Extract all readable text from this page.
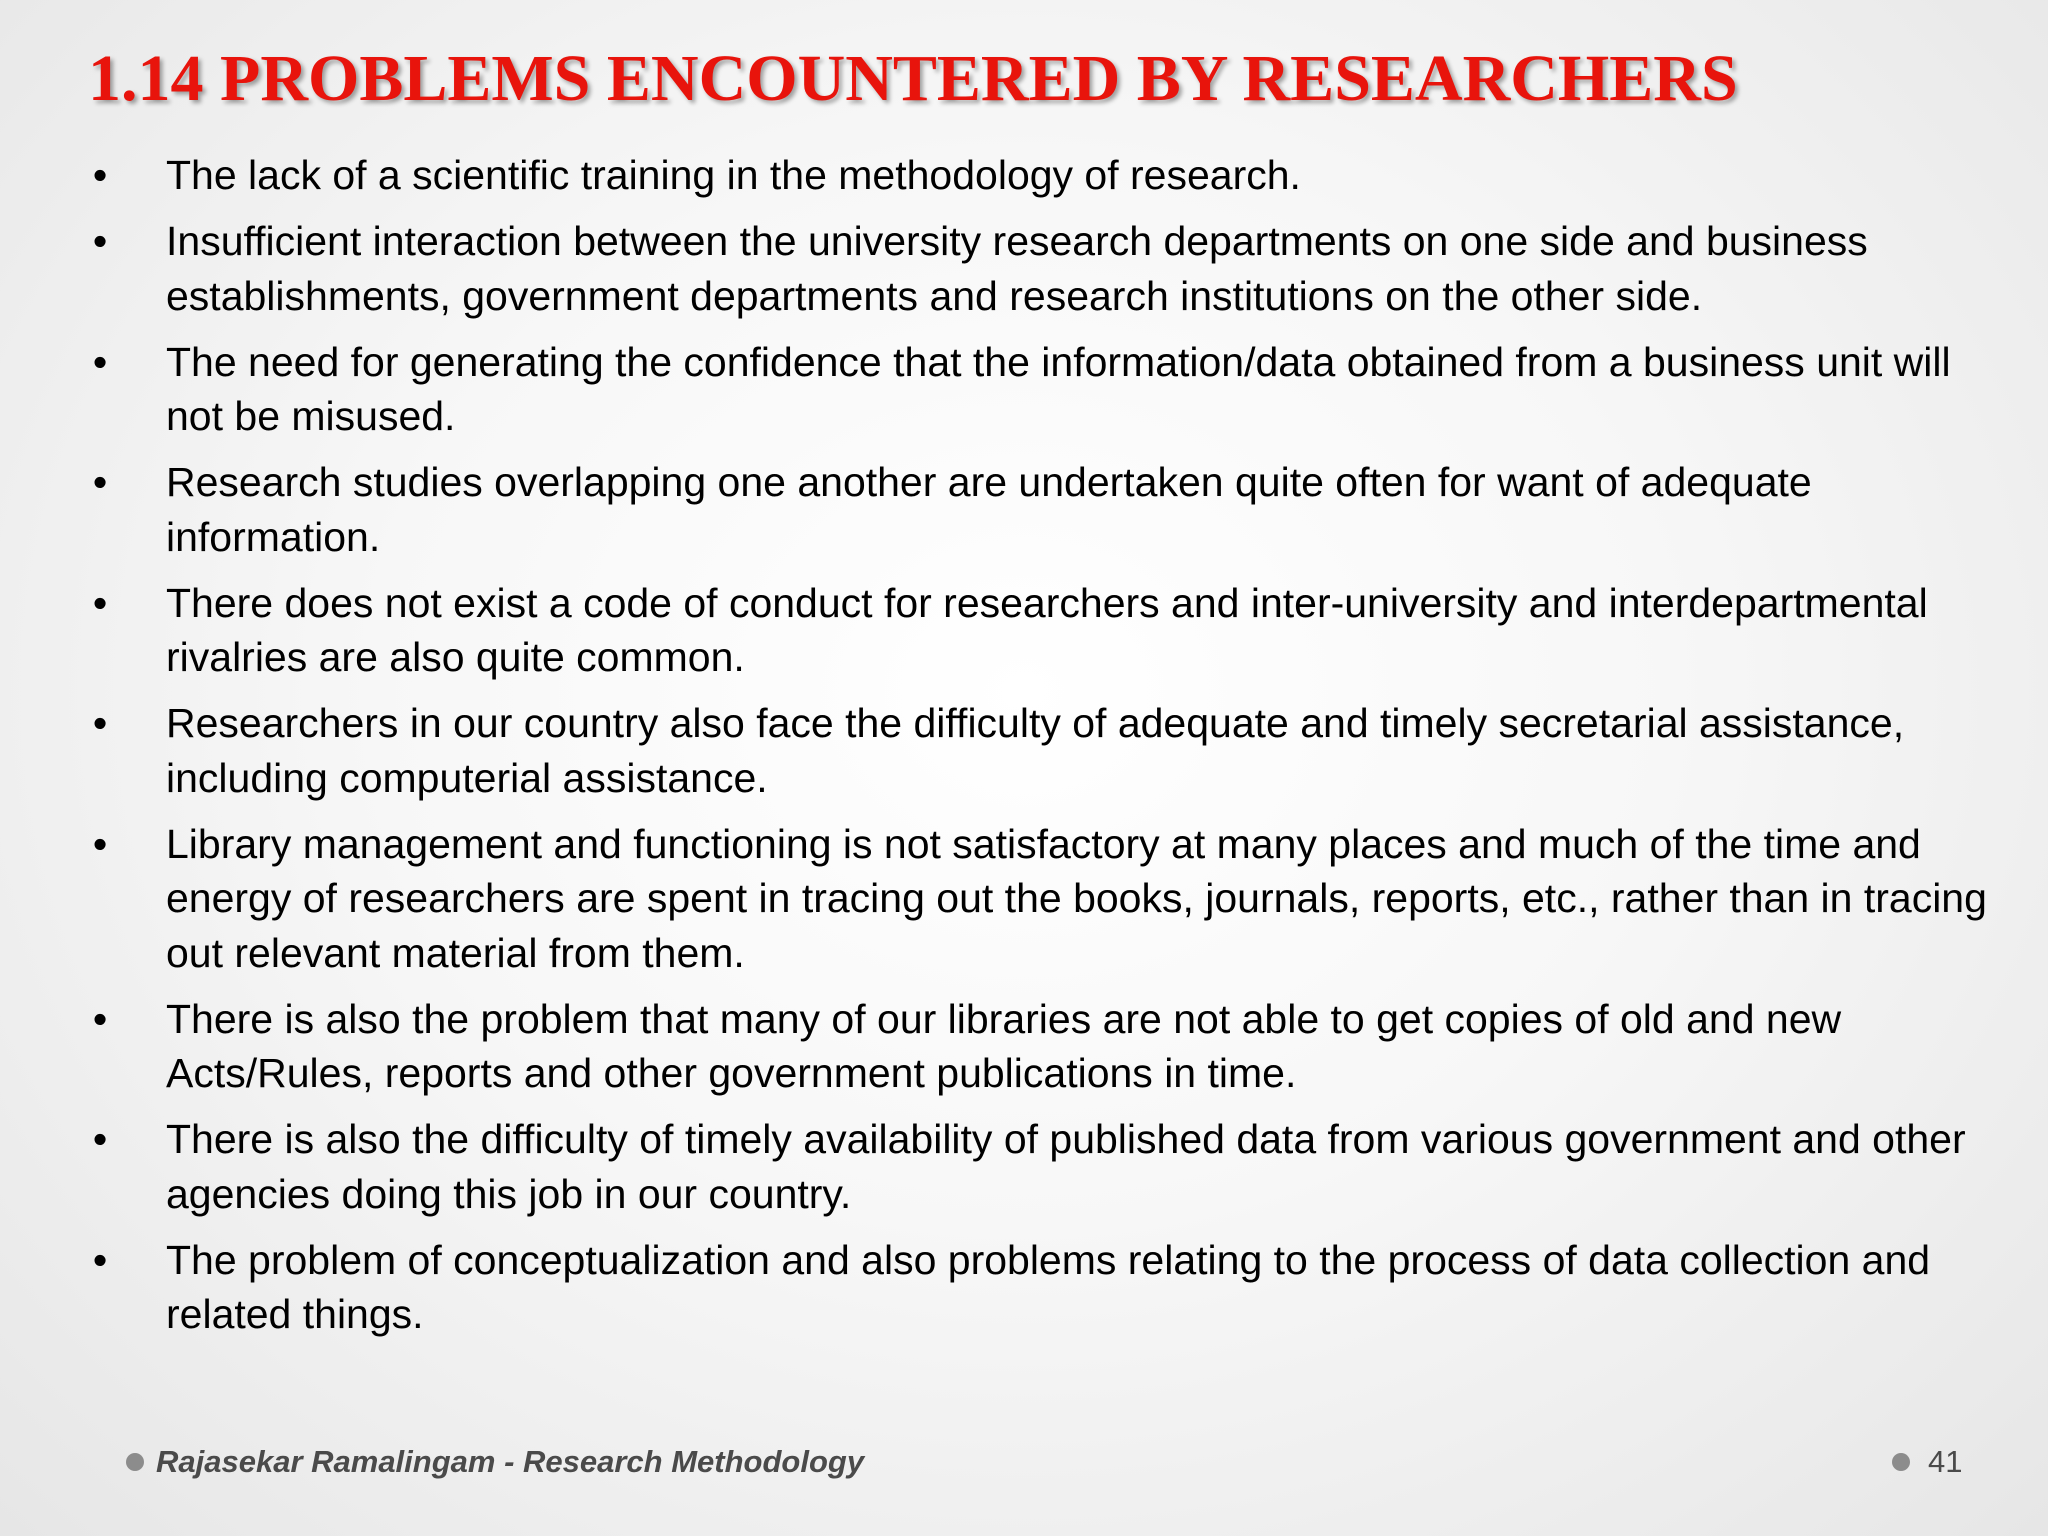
1.14 PROBLEMS ENCOUNTERED BY RESEARCHERS
• The lack of a scientific training in the methodology of research.
• Insufficient interaction between the university research departments on one side and business establishments, government departments and research institutions on the other side.
• The need for generating the confidence that the information/data obtained from a business unit will not be misused.
• Research studies overlapping one another are undertaken quite often for want of adequate information.
• There does not exist a code of conduct for researchers and inter-university and interdepartmental rivalries are also quite common.
• Researchers in our country also face the difficulty of adequate and timely secretarial assistance, including computerial assistance.
• Library management and functioning is not satisfactory at many places and much of the time and energy of researchers are spent in tracing out the books, journals, reports, etc., rather than in tracing out relevant material from them.
• There is also the problem that many of our libraries are not able to get copies of old and new Acts/Rules, reports and other government publications in time.
• There is also the difficulty of timely availability of published data from various government and other agencies doing this job in our country.
• The problem of conceptualization and also problems relating to the process of data collection and related things.
Rajasekar Ramalingam - Research Methodology	41
